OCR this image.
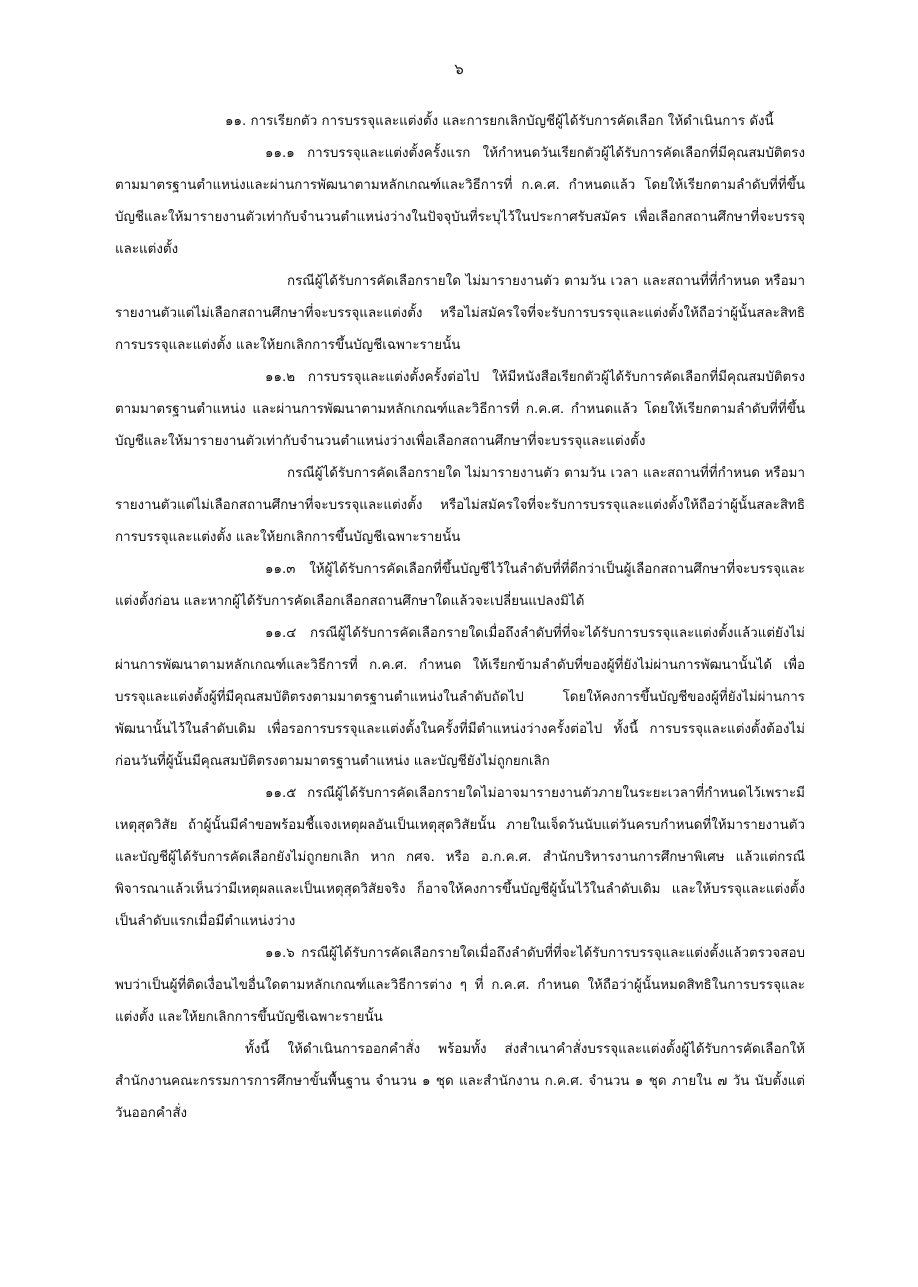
๖

๑๑. การเรียกตัว การบรรจุและแต่งตั้ง และการยกเลิกบัญชีผู้ได้รับการคัดเลือก ให้ดำเนินการ ดังนี้

๑๑.๑ การบรรจุและแต่งตั้งครั้งแรก ให้กำหนดวันเรียกตัวผู้ได้รับการคัดเลือกที่มีคุณสมบัติตรงตามมาตรฐานตำแหน่งและผ่านการพัฒนาตามหลักเกณฑ์และวิธีการที่ ก.ค.ศ. กำหนดแล้ว โดยให้เรียกตามลำดับที่ที่ขึ้นบัญชีและให้มารายงานตัวเท่ากับจำนวนตำแหน่งว่างในปัจจุบันที่ระบุไว้ในประกาศรับสมัคร เพื่อเลือกสถานศึกษาที่จะบรรจุและแต่งตั้ง

กรณีผู้ได้รับการคัดเลือกรายใด ไม่มารายงานตัว ตามวัน เวลา และสถานที่ที่กำหนด หรือมารายงานตัวแต่ไม่เลือกสถานศึกษาที่จะบรรจุและแต่งตั้ง หรือไม่สมัครใจที่จะรับการบรรจุและแต่งตั้งให้ถือว่าผู้นั้นสละสิทธิการบรรจุและแต่งตั้ง และให้ยกเลิกการขึ้นบัญชีเฉพาะรายนั้น

๑๑.๒ การบรรจุและแต่งตั้งครั้งต่อไป ให้มีหนังสือเรียกตัวผู้ได้รับการคัดเลือกที่มีคุณสมบัติตรงตามมาตรฐานตำแหน่ง และผ่านการพัฒนาตามหลักเกณฑ์และวิธีการที่ ก.ค.ศ. กำหนดแล้ว โดยให้เรียกตามลำดับที่ที่ขึ้นบัญชีและให้มารายงานตัวเท่ากับจำนวนตำแหน่งว่างเพื่อเลือกสถานศึกษาที่จะบรรจุและแต่งตั้ง

กรณีผู้ได้รับการคัดเลือกรายใด ไม่มารายงานตัว ตามวัน เวลา และสถานที่ที่กำหนด หรือมารายงานตัวแต่ไม่เลือกสถานศึกษาที่จะบรรจุและแต่งตั้ง หรือไม่สมัครใจที่จะรับการบรรจุและแต่งตั้งให้ถือว่าผู้นั้นสละสิทธิการบรรจุและแต่งตั้ง และให้ยกเลิกการขึ้นบัญชีเฉพาะรายนั้น

๑๑.๓ ให้ผู้ได้รับการคัดเลือกที่ขึ้นบัญชีไว้ในลำดับที่ที่ดีกว่าเป็นผู้เลือกสถานศึกษาที่จะบรรจุและแต่งตั้งก่อน และหากผู้ได้รับการคัดเลือกเลือกสถานศึกษาใดแล้วจะเปลี่ยนแปลงมิได้

๑๑.๔ กรณีผู้ได้รับการคัดเลือกรายใดเมื่อถึงลำดับที่ที่จะได้รับการบรรจุและแต่งตั้งแล้วแต่ยังไม่ผ่านการพัฒนาตามหลักเกณฑ์และวิธีการที่ ก.ค.ศ. กำหนด ให้เรียกข้ามลำดับที่ของผู้ที่ยังไม่ผ่านการพัฒนานั้นได้ เพื่อบรรจุและแต่งตั้งผู้ที่มีคุณสมบัติตรงตามมาตรฐานตำแหน่งในลำดับถัดไป โดยให้คงการขึ้นบัญชีของผู้ที่ยังไม่ผ่านการพัฒนานั้นไว้ในลำดับเดิม เพื่อรอการบรรจุและแต่งตั้งในครั้งที่มีตำแหน่งว่างครั้งต่อไป ทั้งนี้ การบรรจุและแต่งตั้งต้องไม่ก่อนวันที่ผู้นั้นมีคุณสมบัติตรงตามมาตรฐานตำแหน่ง และบัญชียังไม่ถูกยกเลิก

๑๑.๕ กรณีผู้ได้รับการคัดเลือกรายใดไม่อาจมารายงานตัวภายในระยะเวลาที่กำหนดไว้เพราะมีเหตุสุดวิสัย ถ้าผู้นั้นมีคำขอพร้อมชี้แจงเหตุผลอันเป็นเหตุสุดวิสัยนั้น ภายในเจ็ดวันนับแต่วันครบกำหนดที่ให้มารายงานตัว และบัญชีผู้ได้รับการคัดเลือกยังไม่ถูกยกเลิก หาก กศจ. หรือ อ.ก.ค.ศ. สำนักบริหารงานการศึกษาพิเศษ แล้วแต่กรณี พิจารณาแล้วเห็นว่ามีเหตุผลและเป็นเหตุสุดวิสัยจริง ก็อาจให้คงการขึ้นบัญชีผู้นั้นไว้ในลำดับเดิม และให้บรรจุและแต่งตั้งเป็นลำดับแรกเมื่อมีตำแหน่งว่าง

๑๑.๖ กรณีผู้ได้รับการคัดเลือกรายใดเมื่อถึงลำดับที่ที่จะได้รับการบรรจุและแต่งตั้งแล้วตรวจสอบพบว่าเป็นผู้ที่ติดเงื่อนไขอื่นใดตามหลักเกณฑ์และวิธีการต่าง ๆ ที่ ก.ค.ศ. กำหนด ให้ถือว่าผู้นั้นหมดสิทธิในการบรรจุและแต่งตั้ง และให้ยกเลิกการขึ้นบัญชีเฉพาะรายนั้น

ทั้งนี้ ให้ดำเนินการออกคำสั่ง พร้อมทั้ง ส่งสำเนาคำสั่งบรรจุและแต่งตั้งผู้ได้รับการคัดเลือกให้สำนักงานคณะกรรมการการศึกษาขั้นพื้นฐาน จำนวน ๑ ชุด และสำนักงาน ก.ค.ศ. จำนวน ๑ ชุด ภายใน ๗ วัน นับตั้งแต่วันออกคำสั่ง
